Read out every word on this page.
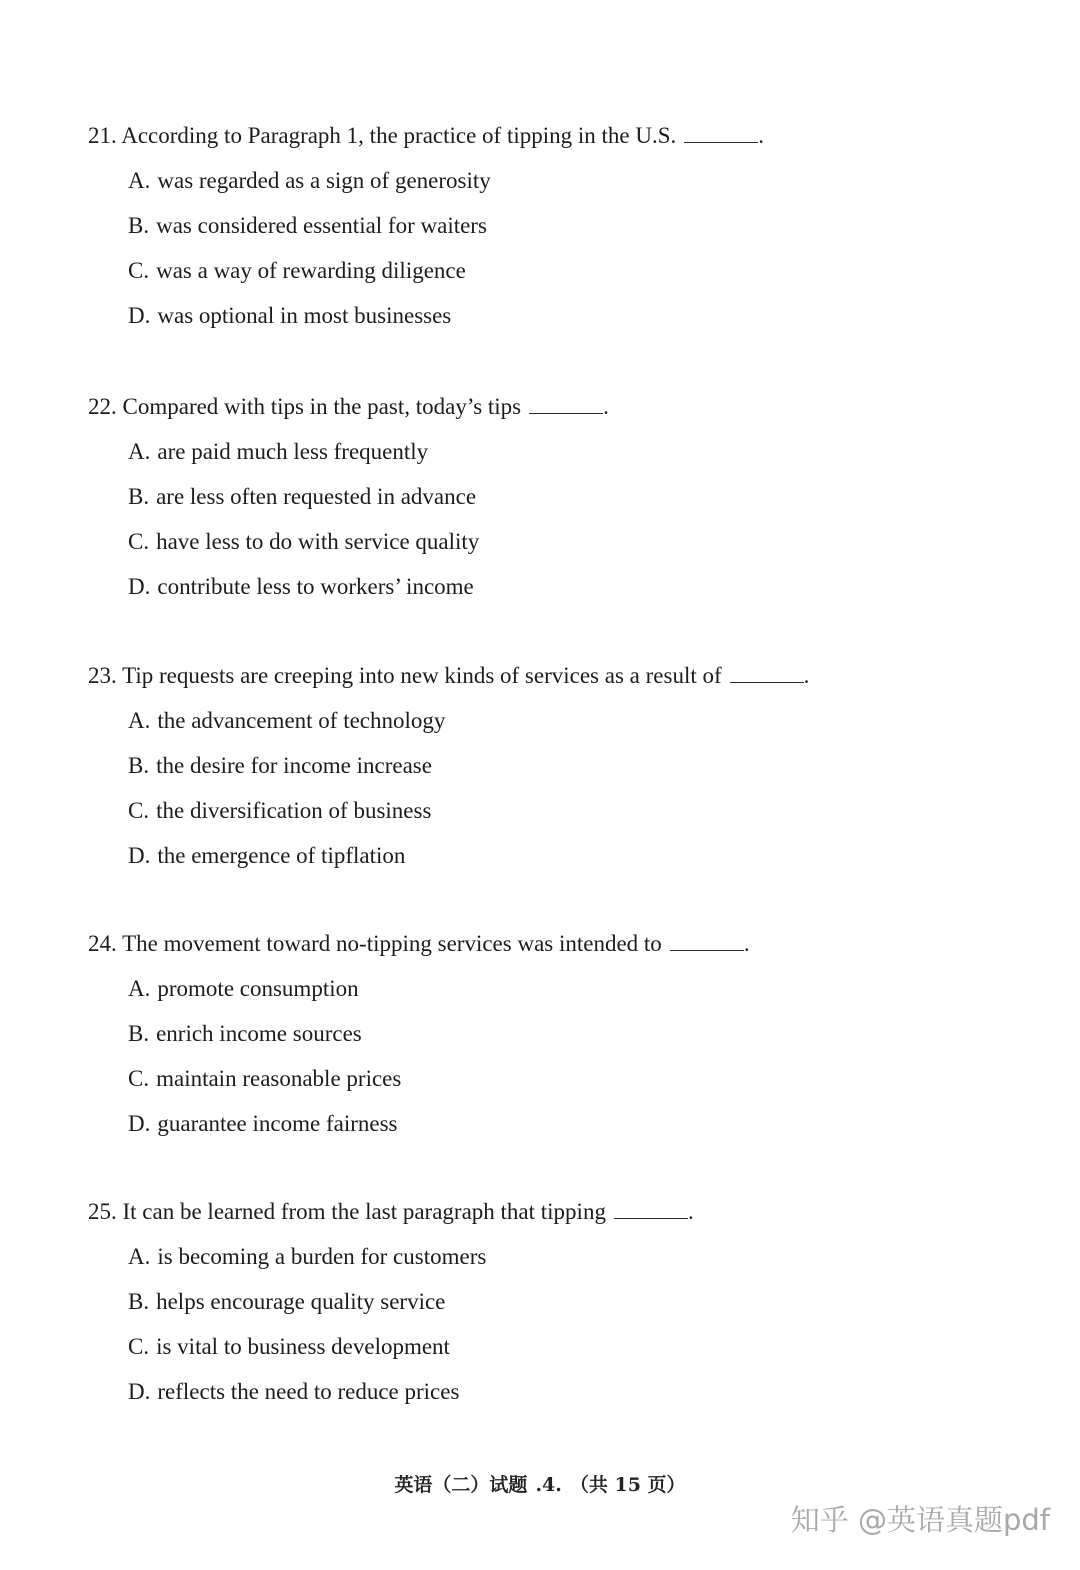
21. According to Paragraph 1, the practice of tipping in the U.S.	.
A. was regarded as a sign of generosity
B. was considered essential for waiters
C. was a way of rewarding diligence
D. was optional in most businesses
22. Compared with tips in the past, today’s tips	.
A. are paid much less frequently
B. are less often requested in advance
C. have less to do with service quality
D. contribute less to workers’ income
23. Tip requests are creeping into new kinds of services as a result of	.
A. the advancement of technology
B. the desire for income increase
C. the diversification of business
D. the emergence of tipflation
24. The movement toward no-tipping services was intended to	.
A. promote consumption
B. enrich income sources
C. maintain reasonable prices
D. guarantee income fairness
25. It can be learned from the last paragraph that tipping	.
A. is becoming a burden for customers
B. helps encourage quality service
C. is vital to business development
D. reflects the need to reduce prices
英语（二）试题 .4. （共 15 页）
知乎 @英语真题pdf
